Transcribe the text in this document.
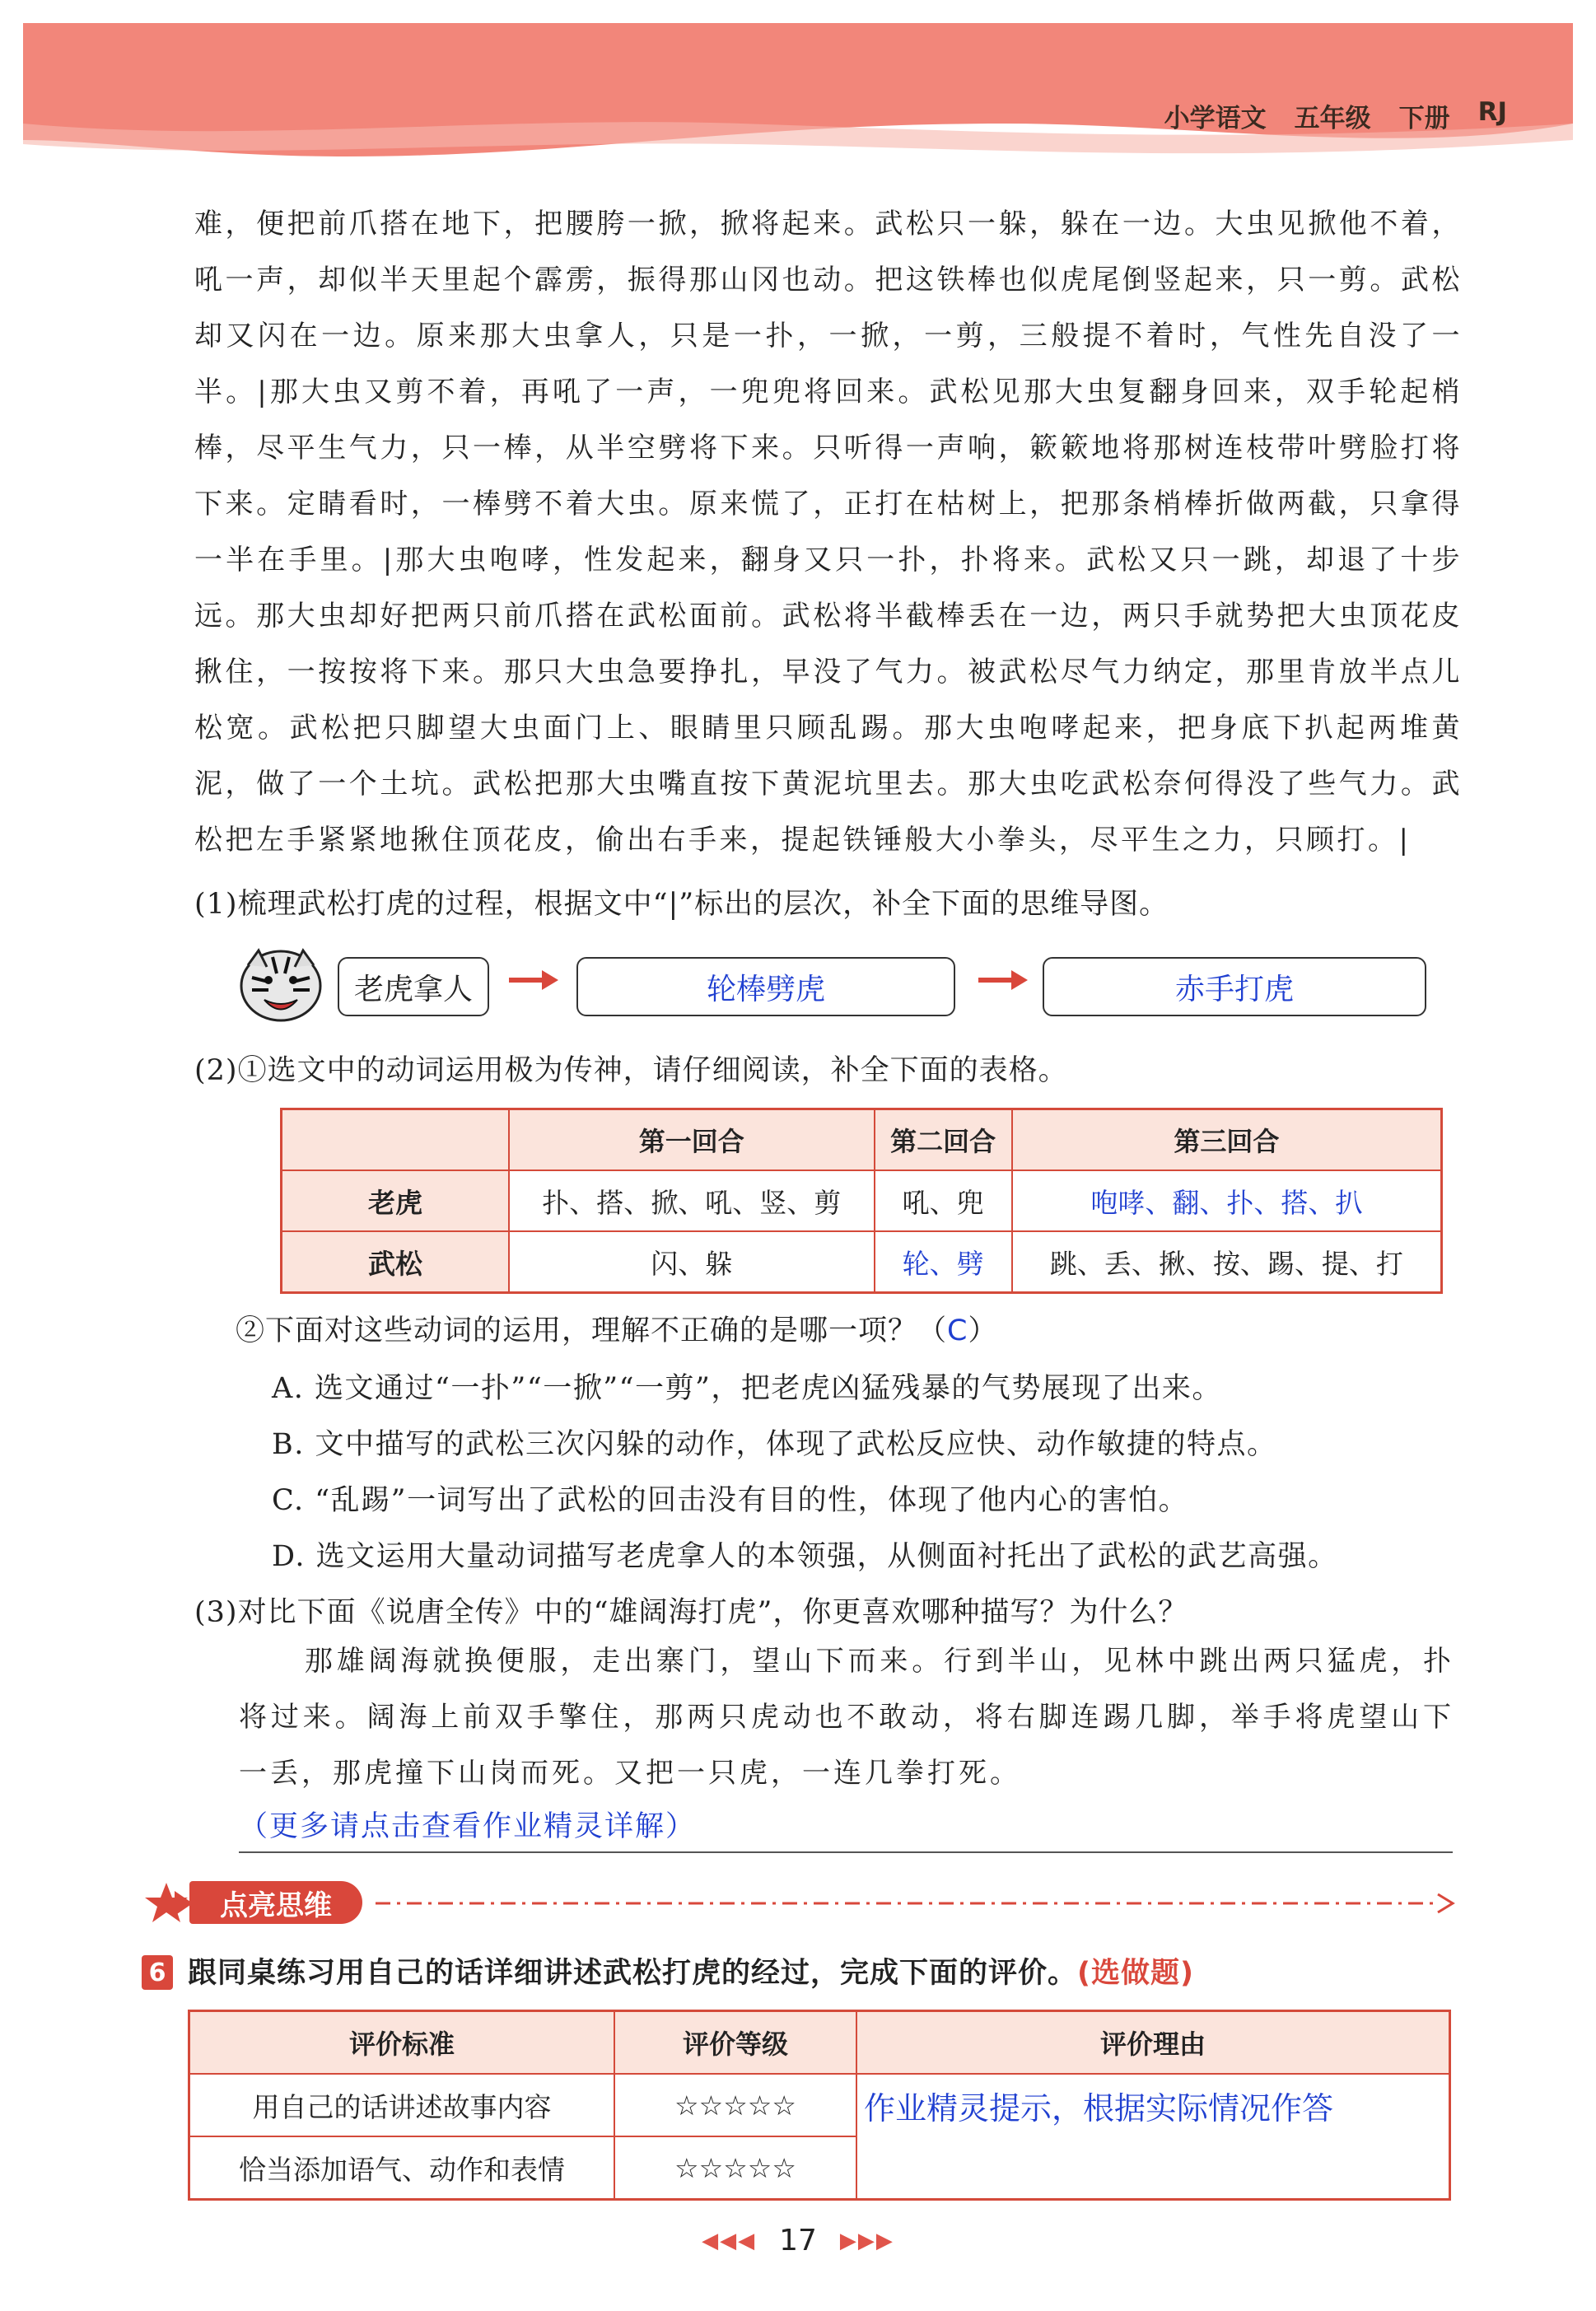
小学语文 五年级 下册 RJ

难，便把前爪搭在地下，把腰胯一掀，掀将起来。武松只一躲，躲在一边。大虫见掀他不着，吼一声，却似半天里起个霹雳，振得那山冈也动。把这铁棒也似虎尾倒竖起来，只一剪。武松却又闪在一边。原来那大虫拿人，只是一扑，一掀，一剪，三般提不着时，气性先自没了一半。|那大虫又剪不着，再吼了一声，一兜兜将回来。武松见那大虫复翻身回来，双手轮起梢棒，尽平生气力，只一棒，从半空劈将下来。只听得一声响，簌簌地将那树连枝带叶劈脸打将下来。定睛看时，一棒劈不着大虫。原来慌了，正打在枯树上，把那条梢棒折做两截，只拿得一半在手里。|那大虫咆哮，性发起来，翻身又只一扑，扑将来。武松又只一跳，却退了十步远。那大虫却好把两只前爪搭在武松面前。武松将半截棒丢在一边，两只手就势把大虫顶花皮揪住，一按按将下来。那只大虫急要挣扎，早没了气力。被武松尽气力纳定，那里肯放半点儿松宽。武松把只脚望大虫面门上、眼睛里只顾乱踢。那大虫咆哮起来，把身底下扒起两堆黄泥，做了一个土坑。武松把那大虫嘴直按下黄泥坑里去。那大虫吃武松奈何得没了些气力。武松把左手紧紧地揪住顶花皮，偷出右手来，提起铁锤般大小拳头，尽平生之力，只顾打。|

(1)梳理武松打虎的过程，根据文中“|”标出的层次，补全下面的思维导图。
老虎拿人	轮棒劈虎	赤手打虎
(2)①选文中的动词运用极为传神，请仔细阅读，补全下面的表格。
	第一回合	第二回合	第三回合
老虎	扑、搭、掀、吼、竖、剪	吼、兜	咆哮、翻、扑、搭、扒
武松	闪、躲	轮、劈	跳、丢、揪、按、踢、提、打
②下面对这些动词的运用，理解不正确的是哪一项？（C）
A. 选文通过“一扑”“一掀”“一剪”，把老虎凶猛残暴的气势展现了出来。
B. 文中描写的武松三次闪躲的动作，体现了武松反应快、动作敏捷的特点。
C. “乱踢”一词写出了武松的回击没有目的性，体现了他内心的害怕。
D. 选文运用大量动词描写老虎拿人的本领强，从侧面衬托出了武松的武艺高强。
(3)对比下面《说唐全传》中的“雄阔海打虎”，你更喜欢哪种描写？为什么？

那雄阔海就换便服，走出寨门，望山下而来。行到半山，见林中跳出两只猛虎，扑将过来。阔海上前双手擎住，那两只虎动也不敢动，将右脚连踢几脚，举手将虎望山下一丢，那虎撞下山岗而死。又把一只虎，一连几拳打死。

（更多请点击查看作业精灵详解）
点亮思维
6 跟同桌练习用自己的话详细讲述武松打虎的经过，完成下面的评价。(选做题)
评价标准	评价等级	评价理由
用自己的话讲述故事内容	☆☆☆☆☆	作业精灵提示，根据实际情况作答
恰当添加语气、动作和表情	☆☆☆☆☆	
◀◀◀ 17 ▶▶▶
